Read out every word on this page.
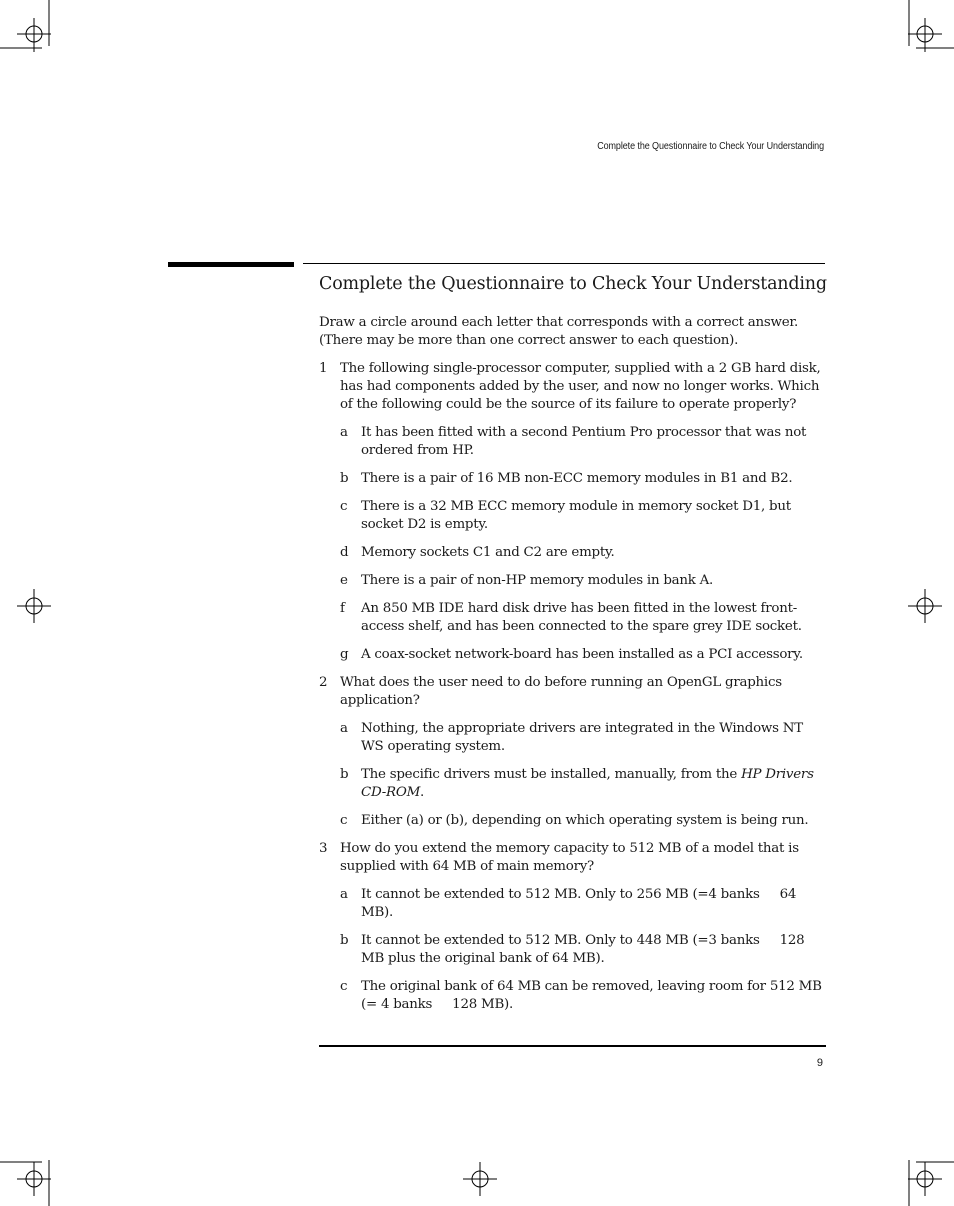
Complete the Questionnaire to Check Your Understanding
Complete the Questionnaire to Check Your Understanding

Draw a circle around each letter that corresponds with a correct answer. (There may be more than one correct answer to each question).

1 The following single-processor computer, supplied with a 2 GB hard disk, has had components added by the user, and now no longer works. Which of the following could be the source of its failure to operate properly?
a It has been fitted with a second Pentium Pro processor that was not ordered from HP.
b There is a pair of 16 MB non-ECC memory modules in B1 and B2.
c There is a 32 MB ECC memory module in memory socket D1, but socket D2 is empty.
d Memory sockets C1 and C2 are empty.
e There is a pair of non-HP memory modules in bank A.
f An 850 MB IDE hard disk drive has been fitted in the lowest front-access shelf, and has been connected to the spare grey IDE socket.
g A coax-socket network-board has been installed as a PCI accessory.
2 What does the user need to do before running an OpenGL graphics application?
a Nothing, the appropriate drivers are integrated in the Windows NT WS operating system.
b The specific drivers must be installed, manually, from the HP Drivers CD-ROM.
c Either (a) or (b), depending on which operating system is being run.
3 How do you extend the memory capacity to 512 MB of a model that is supplied with 64 MB of main memory?
a It cannot be extended to 512 MB. Only to 256 MB (=4 banks     64 MB).
b It cannot be extended to 512 MB. Only to 448 MB (=3 banks     128 MB plus the original bank of 64 MB).
c The original bank of 64 MB can be removed, leaving room for 512 MB (= 4 banks     128 MB).
9
